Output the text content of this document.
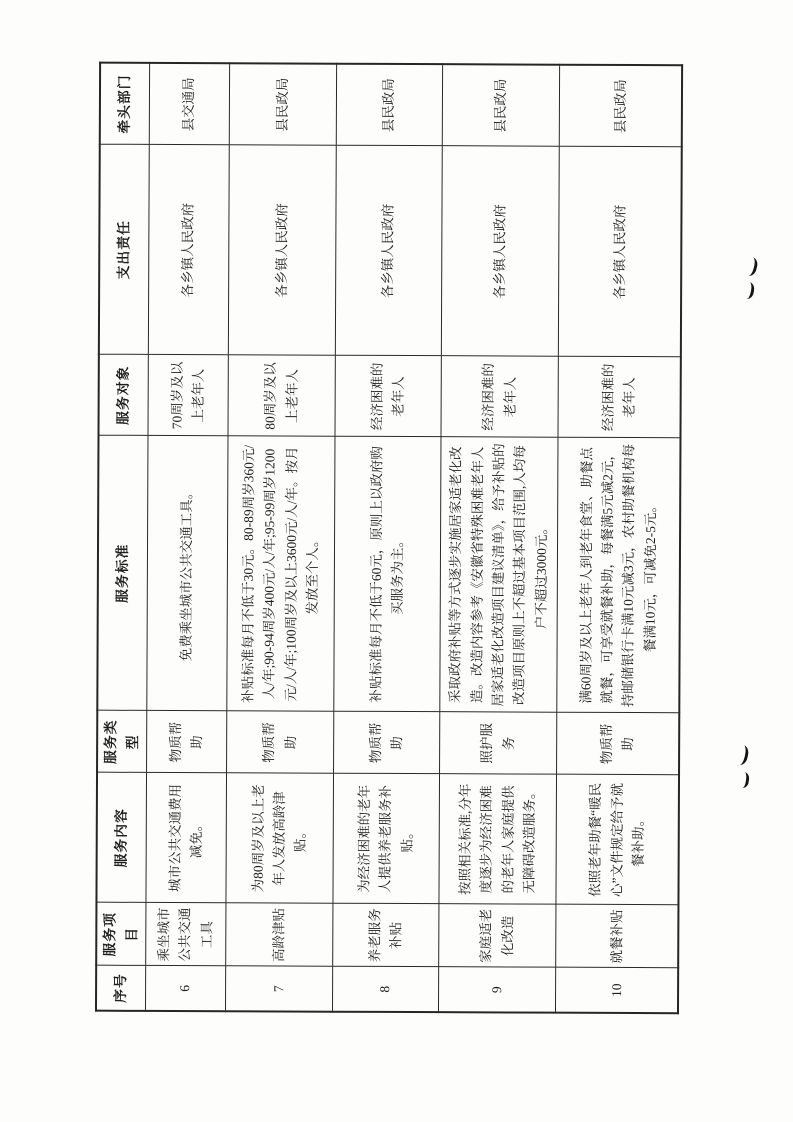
序号	服务项目	服务内容	服务类型	服务标准	服务对象	支出责任	牵头部门
6	乘坐城市公共交通工具	城市公共交通费用减免。	物质帮助	免费乘坐城市公共交通工具。	70周岁及以上老年人	各乡镇人民政府	县交通局
7	高龄津贴	为80周岁及以上老年人发放高龄津贴。	物质帮助	补贴标准每月不低于30元。80-89周岁360元/人/年;90-94周岁400元/人/年;95-99周岁1200元/人/年;100周岁及以上3600元/人/年。按月发放至个人。	80周岁及以上老年人	各乡镇人民政府	县民政局
8	养老服务补贴	为经济困难的老年人提供养老服务补贴。	物质帮助	补贴标准每月不低于60元，原则上以政府购买服务为主。	经济困难的老年人	各乡镇人民政府	县民政局
9	家庭适老化改造	按照相关标准,分年度逐步为经济困难的老年人家庭提供无障碍改造服务。	照护服务	采取政府补贴等方式逐步实施居家适老化改造。改造内容参考《安徽省特殊困难老年人居家适老化改造项目建议清单》，给予补贴的改造项目原则上不超过基本项目范围,人均每户不超过3000元。	经济困难的老年人	各乡镇人民政府	县民政局
10	就餐补贴	依照老年助餐“暖民心”文件规定给予就餐补助。	物质帮助	满60周岁及以上老年人到老年食堂、助餐点就餐，可享受就餐补助，每餐满5元减2元，持邮储银行卡满10元减3元，农村助餐机构每餐满10元，可减免2-5元。	经济困难的老年人	各乡镇人民政府	县民政局
